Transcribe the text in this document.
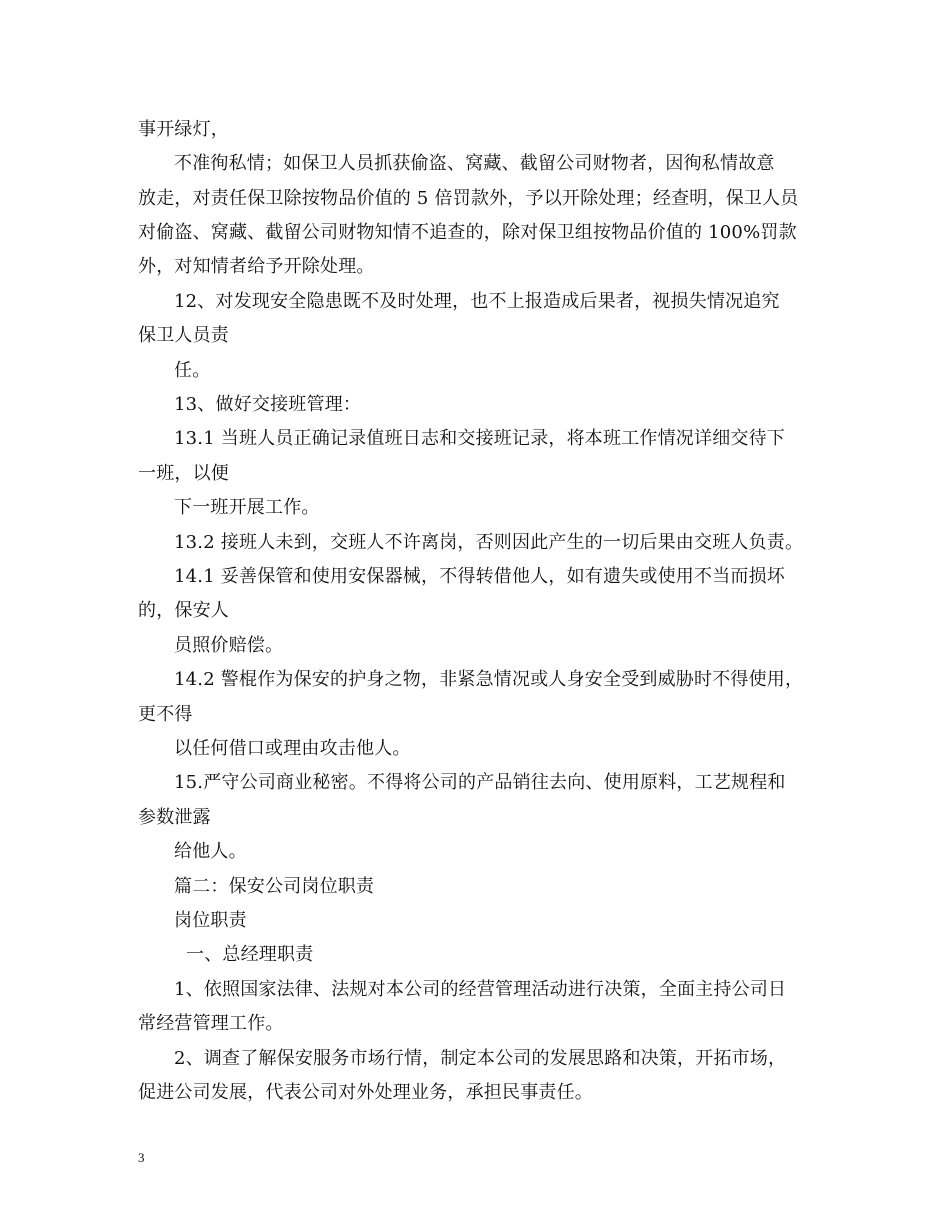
事开绿灯，
不准徇私情；如保卫人员抓获偷盗、窝藏、截留公司财物者，因徇私情故意
放走，对责任保卫除按物品价值的 5 倍罚款外，予以开除处理；经查明，保卫人员
对偷盗、窝藏、截留公司财物知情不追查的，除对保卫组按物品价值的 100%罚款
外，对知情者给予开除处理。
12、对发现安全隐患既不及时处理，也不上报造成后果者，视损失情况追究
保卫人员责
任。
13、做好交接班管理：
13.1 当班人员正确记录值班日志和交接班记录，将本班工作情况详细交待下
一班，以便
下一班开展工作。
13.2 接班人未到，交班人不许离岗，否则因此产生的一切后果由交班人负责。
14.1 妥善保管和使用安保器械，不得转借他人，如有遗失或使用不当而损坏
的，保安人
员照价赔偿。
14.2 警棍作为保安的护身之物，非紧急情况或人身安全受到威胁时不得使用，
更不得
以任何借口或理由攻击他人。
15.严守公司商业秘密。不得将公司的产品销往去向、使用原料，工艺规程和
参数泄露
给他人。
篇二：保安公司岗位职责
岗位职责
一、总经理职责
1、依照国家法律、法规对本公司的经营管理活动进行决策，全面主持公司日
常经营管理工作。
2、调查了解保安服务市场行情，制定本公司的发展思路和决策，开拓市场，
促进公司发展，代表公司对外处理业务，承担民事责任。
3
